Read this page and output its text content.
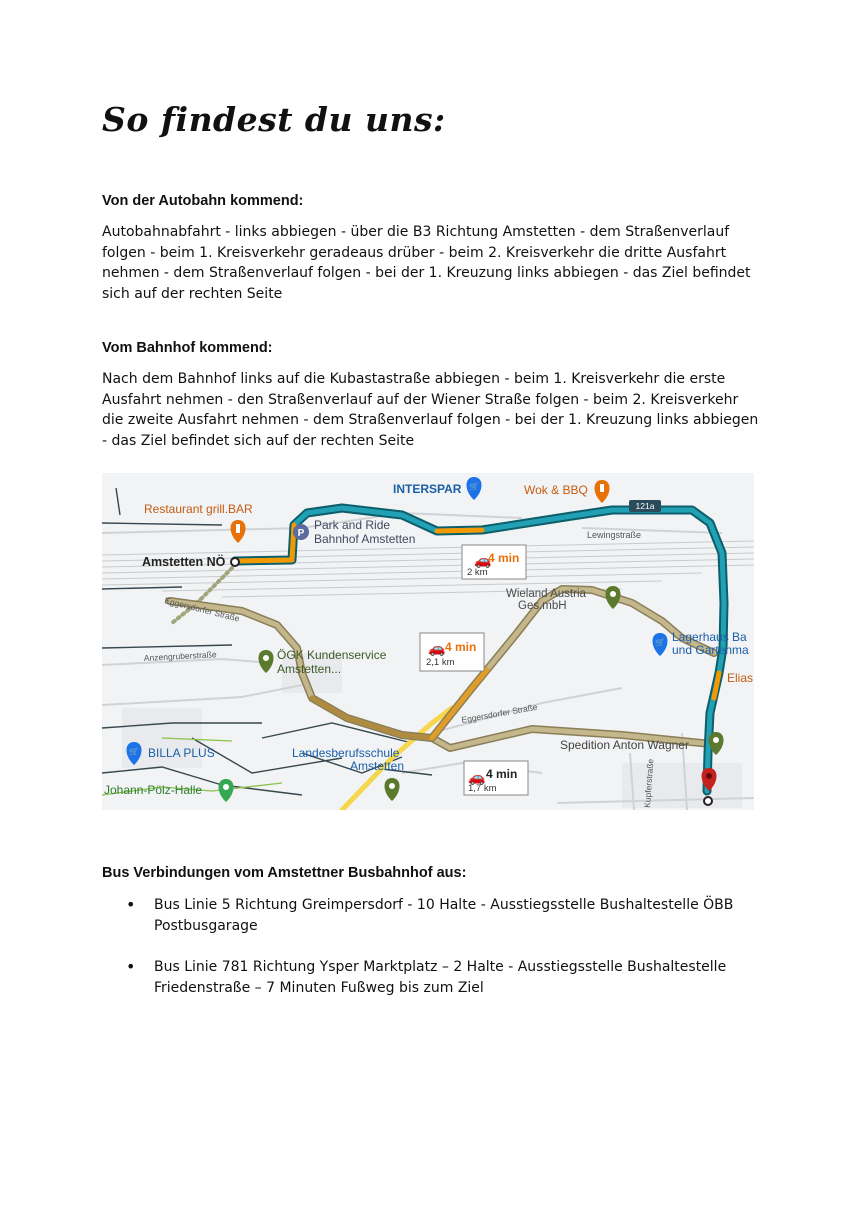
So findest du uns:
Von der Autobahn kommend:

Autobahnabfahrt - links abbiegen - über die B3 Richtung Amstetten - dem Straßenverlauf folgen - beim 1. Kreisverkehr geradeaus drüber - beim 2. Kreisverkehr die dritte Ausfahrt nehmen - dem Straßenverlauf folgen - bei der 1. Kreuzung links abbiegen - das Ziel befindet sich auf der rechten Seite

Vom Bahnhof kommend:

Nach dem Bahnhof links auf die Kubastastraße abbiegen - beim 1. Kreisverkehr die erste Ausfahrt nehmen - den Straßenverlauf auf der Wiener Straße folgen - beim 2. Kreisverkehr die zweite Ausfahrt nehmen - dem Straßenverlauf folgen - bei der 1. Kreuzung links abbiegen - das Ziel befindet sich auf der rechten Seite

121a
Lewingstraße
Eggersdorfer Straße
Eggersdorfer Straße
Anzengruberstraße
Kupferstraße
INTERSPAR	Wok & BBQ
Restaurant grill.BAR
Park and Ride
Bahnhof Amstetten
Amstetten NÖ
Wieland Austria
Ges.mbH
Lagerhaus Ba
und Gartenma
Elias
ÖGK Kundenservice
Amstetten...
BILLA PLUS	Landesberufsschule
Amstetten
Johann-Pölz-Halle
Spedition Anton Wagner
🛒
P
🛒
🛒
🚗
4 min
2 km
🚗 4 min
2,1 km
🚗 4 min
1,7 km
Bus Verbindungen vom Amstettner Busbahnhof aus:
• Bus Linie 5 Richtung Greimpersdorf - 10 Halte - Ausstiegsstelle Bushaltestelle ÖBB Postbusgarage
• Bus Linie 781 Richtung Ysper Marktplatz – 2 Halte - Ausstiegsstelle Bushaltestelle Friedenstraße – 7 Minuten Fußweg bis zum Ziel
